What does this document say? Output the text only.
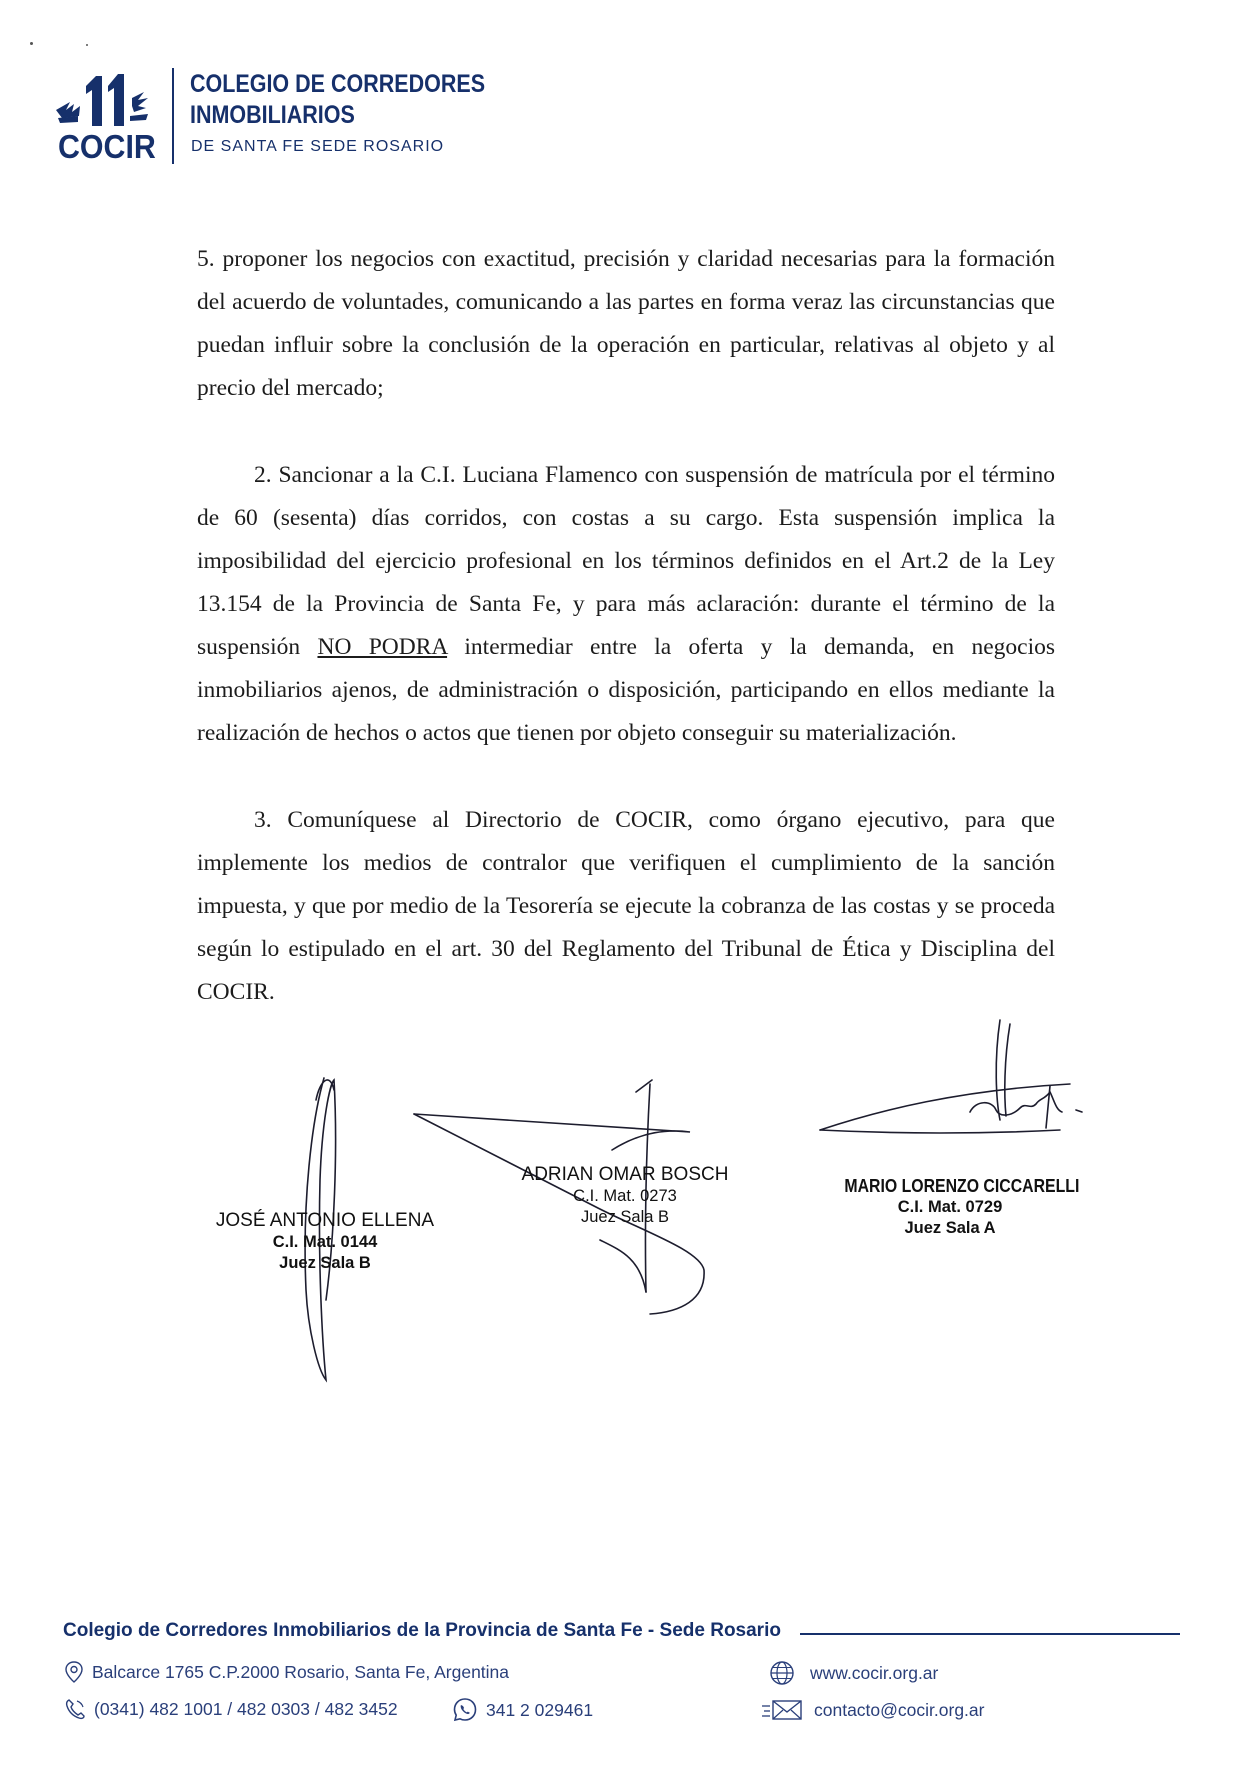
COCIR
COLEGIO DE CORREDORES
INMOBILIARIOS
DE SANTA FE SEDE ROSARIO

5. proponer los negocios con exactitud, precisión y claridad necesarias para la formación del acuerdo de voluntades, comunicando a las partes en forma veraz las circunstancias que puedan influir sobre la conclusión de la operación en particular, relativas al objeto y al precio del mercado;

2. Sancionar a la C.I. Luciana Flamenco con suspensión de matrícula por el término de 60 (sesenta) días corridos, con costas a su cargo. Esta suspensión implica la imposibilidad del ejercicio profesional en los términos definidos en el Art.2 de la Ley 13.154 de la Provincia de Santa Fe, y para más aclaración: durante el término de la suspensión NO PODRA intermediar entre la oferta y la demanda, en negocios inmobiliarios ajenos, de administración o disposición, participando en ellos mediante la realización de hechos o actos que tienen por objeto conseguir su materialización.

3. Comuníquese al Directorio de COCIR, como órgano ejecutivo, para que implemente los medios de contralor que verifiquen el cumplimiento de la sanción impuesta, y que por medio de la Tesorería se ejecute la cobranza de las costas y se proceda según lo estipulado en el art. 30 del Reglamento del Tribunal de Ética y Disciplina del COCIR.

JOSÉ ANTONIO ELLENA
C.I. Mat. 0144
Juez Sala B
ADRIAN OMAR BOSCH
C.I. Mat. 0273
Juez Sala B
MARIO LORENZO CICCARELLI
C.I. Mat. 0729
Juez Sala A
Colegio de Corredores Inmobiliarios de la Provincia de Santa Fe - Sede Rosario
Balcarce 1765 C.P.2000 Rosario, Santa Fe, Argentina
(0341) 482 1001 / 482 0303 / 482 3452	341 2 029461
www.cocir.org.ar
contacto@cocir.org.ar
